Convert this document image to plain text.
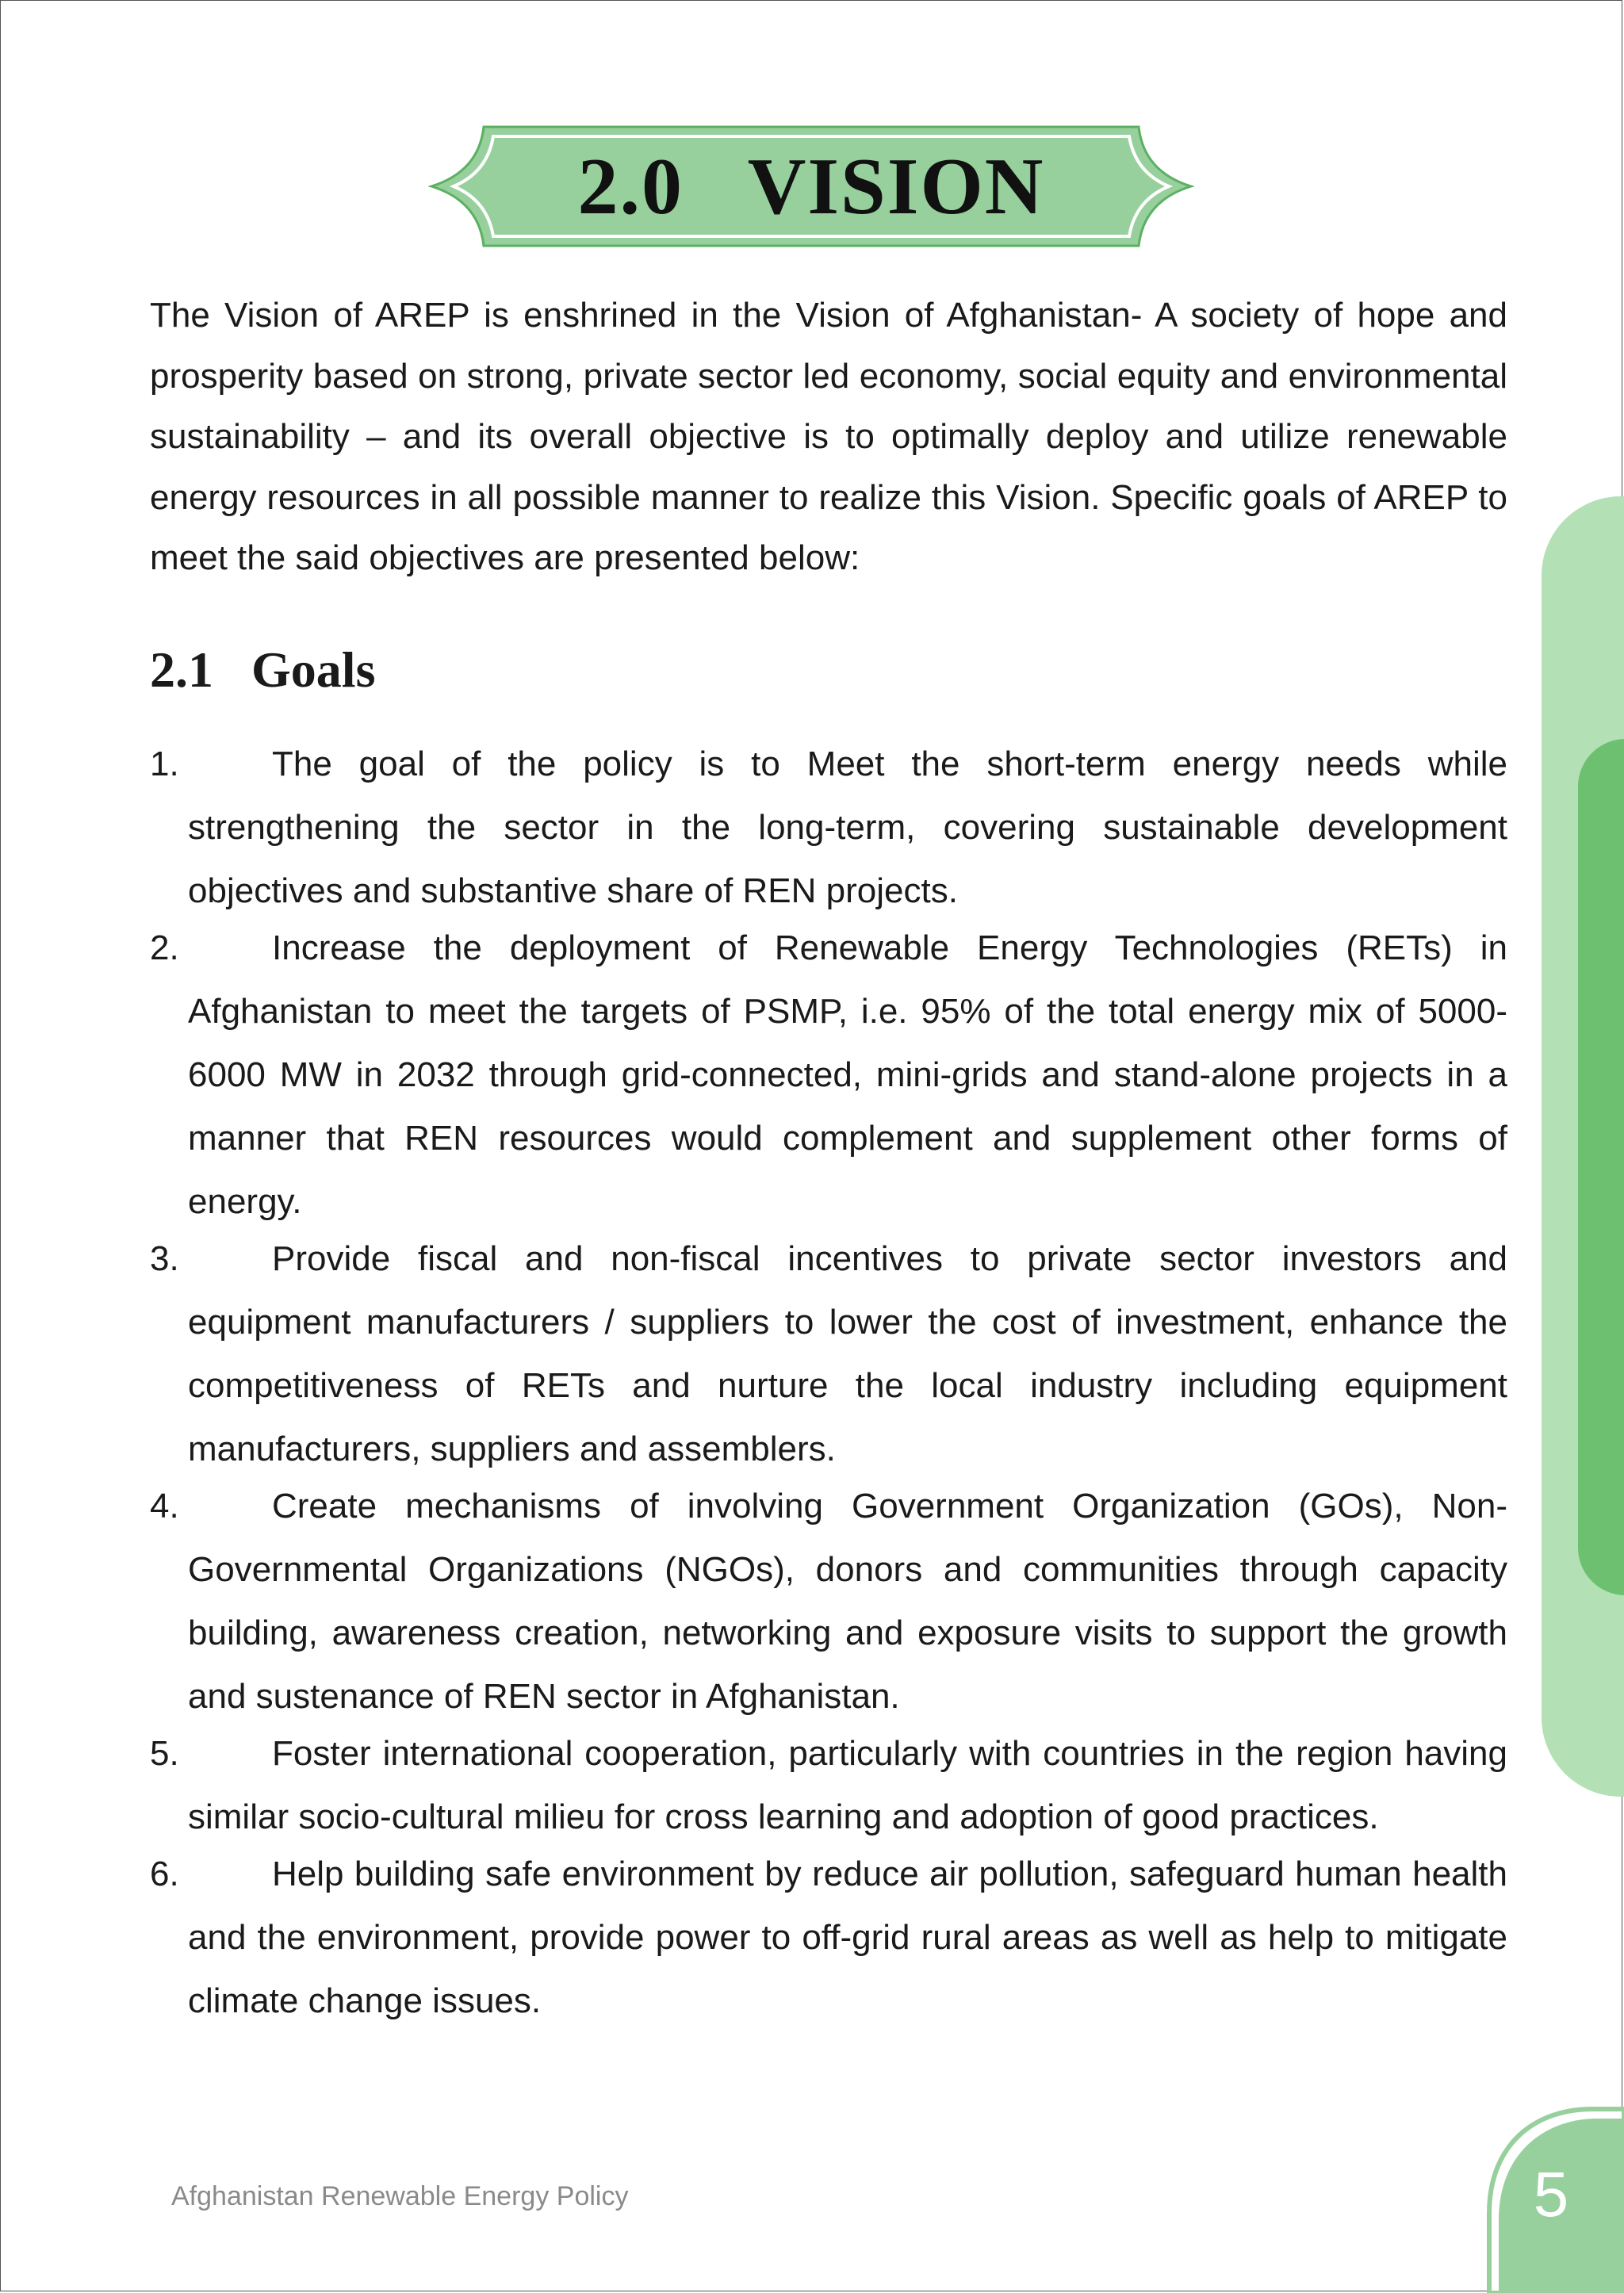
2.0   VISION

The Vision of AREP is enshrined in the Vision of Afghanistan- A society of hope and prosperity based on strong, private sector led economy, social equity and environmental sustainability – and its overall objective is to optimally deploy and utilize renewable energy resources in all possible manner to realize this Vision. Specific goals of AREP to meet the said objectives are presented below:

2.1   Goals
1.	The goal of the policy is to Meet the short-term energy needs while strengthening the sector in the long-term, covering sustainable development objectives and substantive share of REN projects.
2.	Increase the deployment of Renewable Energy Technologies (RETs) in Afghanistan to meet the targets of PSMP, i.e. 95% of the total energy mix of 5000-6000 MW in 2032 through grid-connected, mini-grids and stand-alone projects in a manner that REN resources would complement and supplement other forms of energy.
3.	Provide fiscal and non-fiscal incentives to private sector investors and equipment manufacturers / suppliers to lower the cost of investment, enhance the competitiveness of RETs and nurture the local industry including equipment manufacturers, suppliers and assemblers.
4.	Create mechanisms of involving Government Organization (GOs), Non-Governmental Organizations (NGOs), donors and communities through capacity building, awareness creation, networking and exposure visits to support the growth and sustenance of REN sector in Afghanistan.
5.	Foster international cooperation, particularly with countries in the region having similar socio-cultural milieu for cross learning and adoption of good practices.
6.	Help building safe environment by reduce air pollution, safeguard human health and the environment, provide power to off-grid rural areas as well as help to mitigate climate change issues.
Afghanistan Renewable Energy Policy	5
